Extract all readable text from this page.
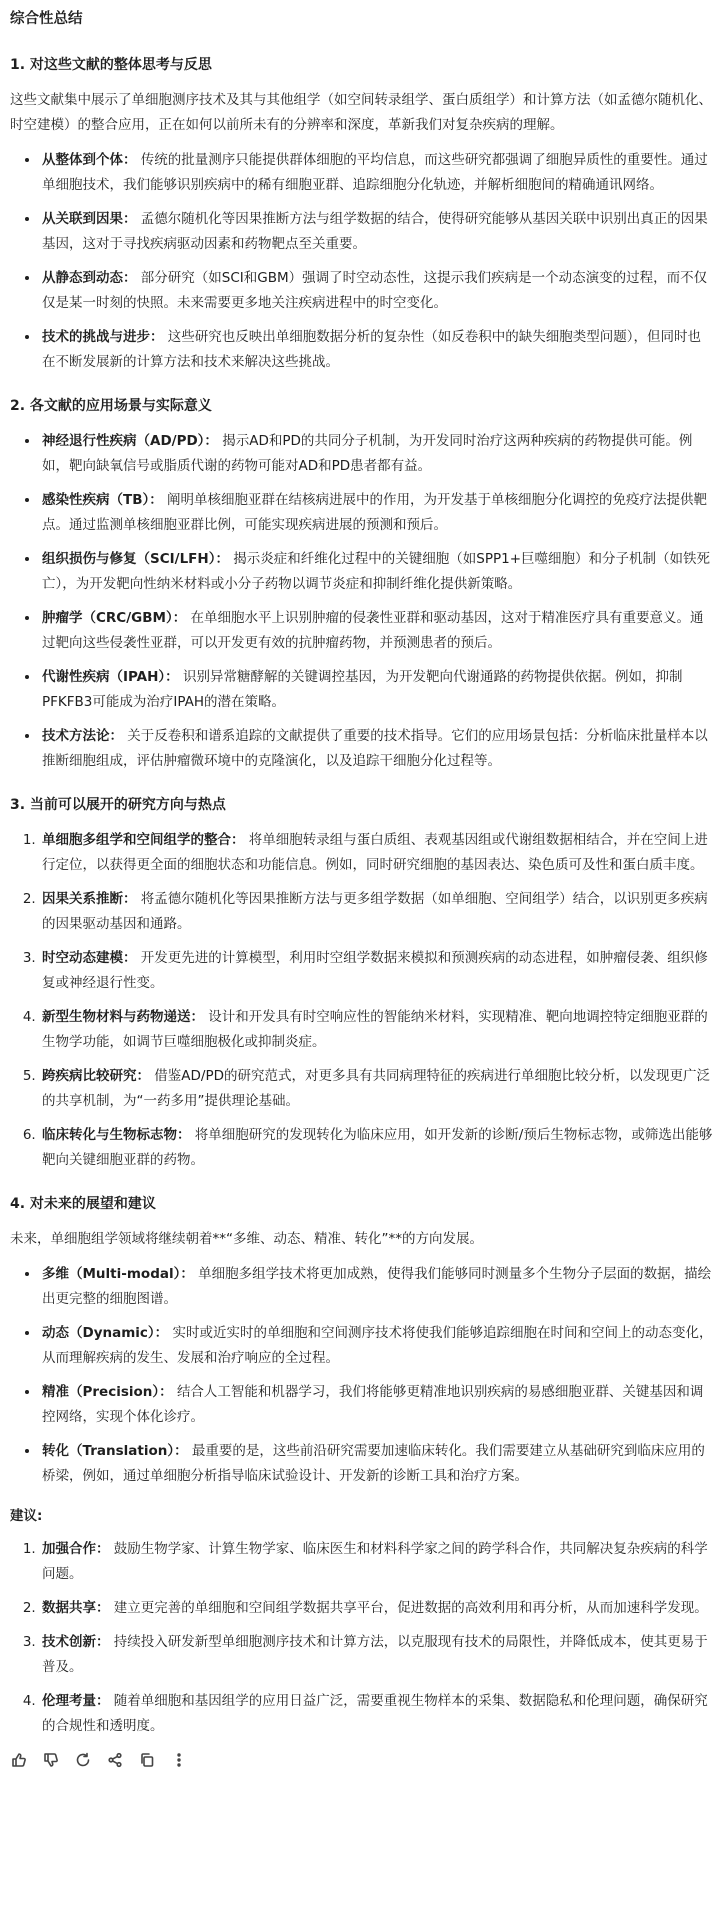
综合性总结
1. 对这些文献的整体思考与反思

这些文献集中展示了单细胞测序技术及其与其他组学（如空间转录组学、蛋白质组学）和计算方法（如孟德尔随机化、时空建模）的整合应用，正在如何以前所未有的分辨率和深度，革新我们对复杂疾病的理解。

• 从整体到个体： 传统的批量测序只能提供群体细胞的平均信息，而这些研究都强调了细胞异质性的重要性。通过单细胞技术，我们能够识别疾病中的稀有细胞亚群、追踪细胞分化轨迹，并解析细胞间的精确通讯网络。
• 从关联到因果： 孟德尔随机化等因果推断方法与组学数据的结合，使得研究能够从基因关联中识别出真正的因果基因，这对于寻找疾病驱动因素和药物靶点至关重要。
• 从静态到动态： 部分研究（如SCI和GBM）强调了时空动态性，这提示我们疾病是一个动态演变的过程，而不仅仅是某一时刻的快照。未来需要更多地关注疾病进程中的时空变化。
• 技术的挑战与进步： 这些研究也反映出单细胞数据分析的复杂性（如反卷积中的缺失细胞类型问题），但同时也在不断发展新的计算方法和技术来解决这些挑战。
2. 各文献的应用场景与实际意义
• 神经退行性疾病（AD/PD）： 揭示AD和PD的共同分子机制，为开发同时治疗这两种疾病的药物提供可能。例如，靶向缺氧信号或脂质代谢的药物可能对AD和PD患者都有益。
• 感染性疾病（TB）： 阐明单核细胞亚群在结核病进展中的作用，为开发基于单核细胞分化调控的免疫疗法提供靶点。通过监测单核细胞亚群比例，可能实现疾病进展的预测和预后。
• 组织损伤与修复（SCI/LFH）： 揭示炎症和纤维化过程中的关键细胞（如SPP1+巨噬细胞）和分子机制（如铁死亡），为开发靶向性纳米材料或小分子药物以调节炎症和抑制纤维化提供新策略。
• 肿瘤学（CRC/GBM）： 在单细胞水平上识别肿瘤的侵袭性亚群和驱动基因，这对于精准医疗具有重要意义。通过靶向这些侵袭性亚群，可以开发更有效的抗肿瘤药物，并预测患者的预后。
• 代谢性疾病（IPAH）： 识别异常糖酵解的关键调控基因，为开发靶向代谢通路的药物提供依据。例如，抑制PFKFB3可能成为治疗IPAH的潜在策略。
• 技术方法论： 关于反卷积和谱系追踪的文献提供了重要的技术指导。它们的应用场景包括：分析临床批量样本以推断细胞组成，评估肿瘤微环境中的克隆演化，以及追踪干细胞分化过程等。
3. 当前可以展开的研究方向与热点
1. 单细胞多组学和空间组学的整合： 将单细胞转录组与蛋白质组、表观基因组或代谢组数据相结合，并在空间上进行定位，以获得更全面的细胞状态和功能信息。例如，同时研究细胞的基因表达、染色质可及性和蛋白质丰度。
2. 因果关系推断： 将孟德尔随机化等因果推断方法与更多组学数据（如单细胞、空间组学）结合，以识别更多疾病的因果驱动基因和通路。
3. 时空动态建模： 开发更先进的计算模型，利用时空组学数据来模拟和预测疾病的动态进程，如肿瘤侵袭、组织修复或神经退行性变。
4. 新型生物材料与药物递送： 设计和开发具有时空响应性的智能纳米材料，实现精准、靶向地调控特定细胞亚群的生物学功能，如调节巨噬细胞极化或抑制炎症。
5. 跨疾病比较研究： 借鉴AD/PD的研究范式，对更多具有共同病理特征的疾病进行单细胞比较分析，以发现更广泛的共享机制，为“一药多用”提供理论基础。
6. 临床转化与生物标志物： 将单细胞研究的发现转化为临床应用，如开发新的诊断/预后生物标志物，或筛选出能够靶向关键细胞亚群的药物。
4. 对未来的展望和建议

未来，单细胞组学领域将继续朝着**“多维、动态、精准、转化”**的方向发展。

• 多维（Multi-modal）： 单细胞多组学技术将更加成熟，使得我们能够同时测量多个生物分子层面的数据，描绘出更完整的细胞图谱。
• 动态（Dynamic）： 实时或近实时的单细胞和空间测序技术将使我们能够追踪细胞在时间和空间上的动态变化，从而理解疾病的发生、发展和治疗响应的全过程。
• 精准（Precision）： 结合人工智能和机器学习，我们将能够更精准地识别疾病的易感细胞亚群、关键基因和调控网络，实现个体化诊疗。
• 转化（Translation）： 最重要的是，这些前沿研究需要加速临床转化。我们需要建立从基础研究到临床应用的桥梁，例如，通过单细胞分析指导临床试验设计、开发新的诊断工具和治疗方案。
建议:
1. 加强合作： 鼓励生物学家、计算生物学家、临床医生和材料科学家之间的跨学科合作，共同解决复杂疾病的科学问题。
2. 数据共享： 建立更完善的单细胞和空间组学数据共享平台，促进数据的高效利用和再分析，从而加速科学发现。
3. 技术创新： 持续投入研发新型单细胞测序技术和计算方法，以克服现有技术的局限性，并降低成本，使其更易于普及。
4. 伦理考量： 随着单细胞和基因组学的应用日益广泛，需要重视生物样本的采集、数据隐私和伦理问题，确保研究的合规性和透明度。
